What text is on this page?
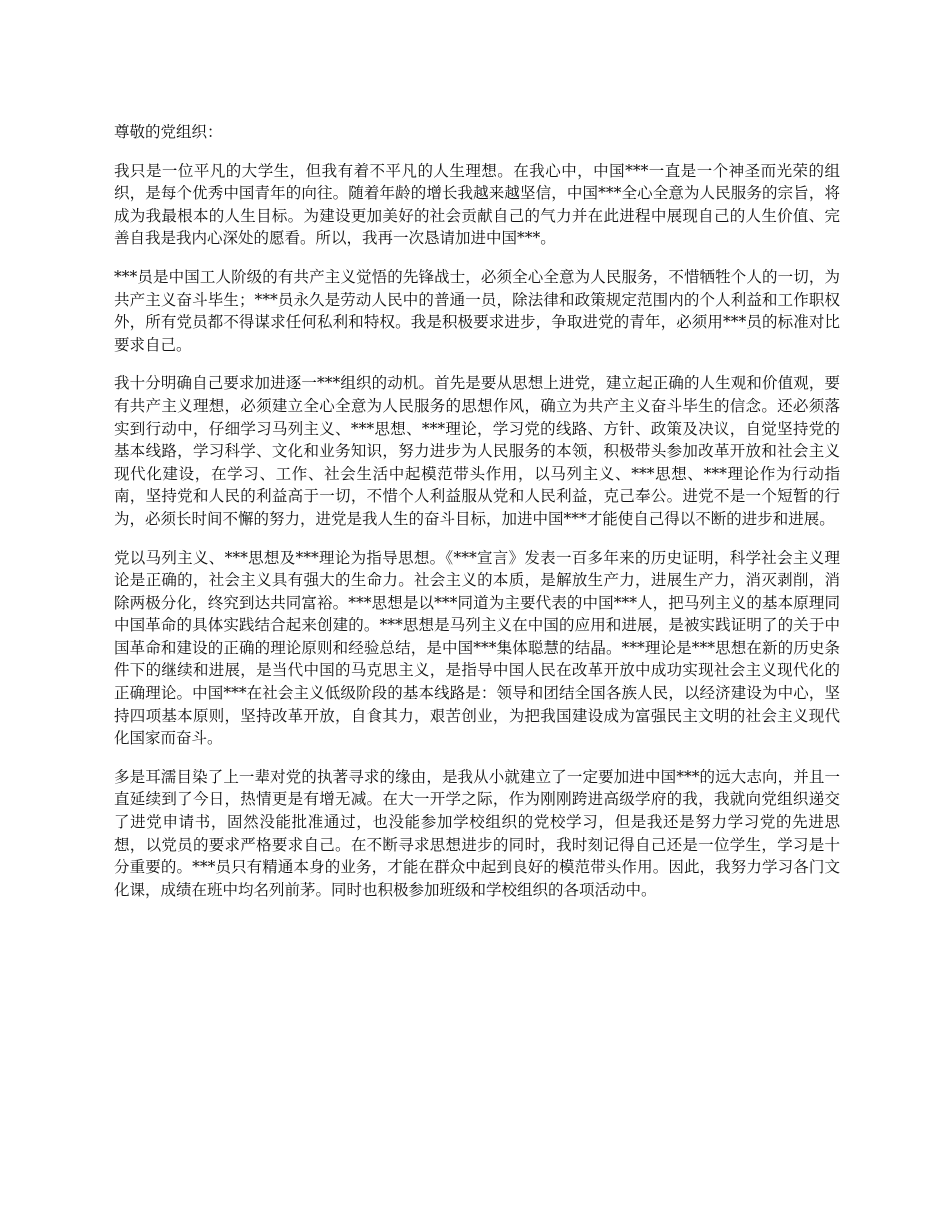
尊敬的党组织：

我只是一位平凡的大学生，但我有着不平凡的人生理想。在我心中，中国***一直是一个神圣而光荣的组织，是每个优秀中国青年的向往。随着年龄的增长我越来越坚信，中国***全心全意为人民服务的宗旨，将成为我最根本的人生目标。为建设更加美好的社会贡献自己的气力并在此进程中展现自己的人生价值、完善自我是我内心深处的愿看。所以，我再一次恳请加进中国***。

***员是中国工人阶级的有共产主义觉悟的先锋战士，必须全心全意为人民服务，不惜牺牲个人的一切，为共产主义奋斗毕生；***员永久是劳动人民中的普通一员，除法律和政策规定范围内的个人利益和工作职权外，所有党员都不得谋求任何私利和特权。我是积极要求进步，争取进党的青年，必须用***员的标准对比要求自己。

我十分明确自己要求加进逐一***组织的动机。首先是要从思想上进党，建立起正确的人生观和价值观，要有共产主义理想，必须建立全心全意为人民服务的思想作风，确立为共产主义奋斗毕生的信念。还必须落实到行动中，仔细学习马列主义、***思想、***理论，学习党的线路、方针、政策及决议，自觉坚持党的基本线路，学习科学、文化和业务知识，努力进步为人民服务的本领，积极带头参加改革开放和社会主义现代化建设，在学习、工作、社会生活中起模范带头作用，以马列主义、***思想、***理论作为行动指南，坚持党和人民的利益高于一切，不惜个人利益服从党和人民利益，克己奉公。进党不是一个短暂的行为，必须长时间不懈的努力，进党是我人生的奋斗目标，加进中国***才能使自己得以不断的进步和进展。

党以马列主义、***思想及***理论为指导思想。《***宣言》发表一百多年来的历史证明，科学社会主义理论是正确的，社会主义具有强大的生命力。社会主义的本质，是解放生产力，进展生产力，消灭剥削，消除两极分化，终究到达共同富裕。***思想是以***同道为主要代表的中国***人，把马列主义的基本原理同中国革命的具体实践结合起来创建的。***思想是马列主义在中国的应用和进展，是被实践证明了的关于中国革命和建设的正确的理论原则和经验总结，是中国***集体聪慧的结晶。***理论是***思想在新的历史条件下的继续和进展，是当代中国的马克思主义，是指导中国人民在改革开放中成功实现社会主义现代化的正确理论。中国***在社会主义低级阶段的基本线路是：领导和团结全国各族人民，以经济建设为中心，坚持四项基本原则，坚持改革开放，自食其力，艰苦创业，为把我国建设成为富强民主文明的社会主义现代化国家而奋斗。

多是耳濡目染了上一辈对党的执著寻求的缘由，是我从小就建立了一定要加进中国***的远大志向，并且一直延续到了今日，热情更是有增无减。在大一开学之际，作为刚刚跨进高级学府的我，我就向党组织递交了进党申请书，固然没能批准通过，也没能参加学校组织的党校学习，但是我还是努力学习党的先进思想，以党员的要求严格要求自己。在不断寻求思想进步的同时，我时刻记得自己还是一位学生，学习是十分重要的。***员只有精通本身的业务，才能在群众中起到良好的模范带头作用。因此，我努力学习各门文化课，成绩在班中均名列前茅。同时也积极参加班级和学校组织的各项活动中。
